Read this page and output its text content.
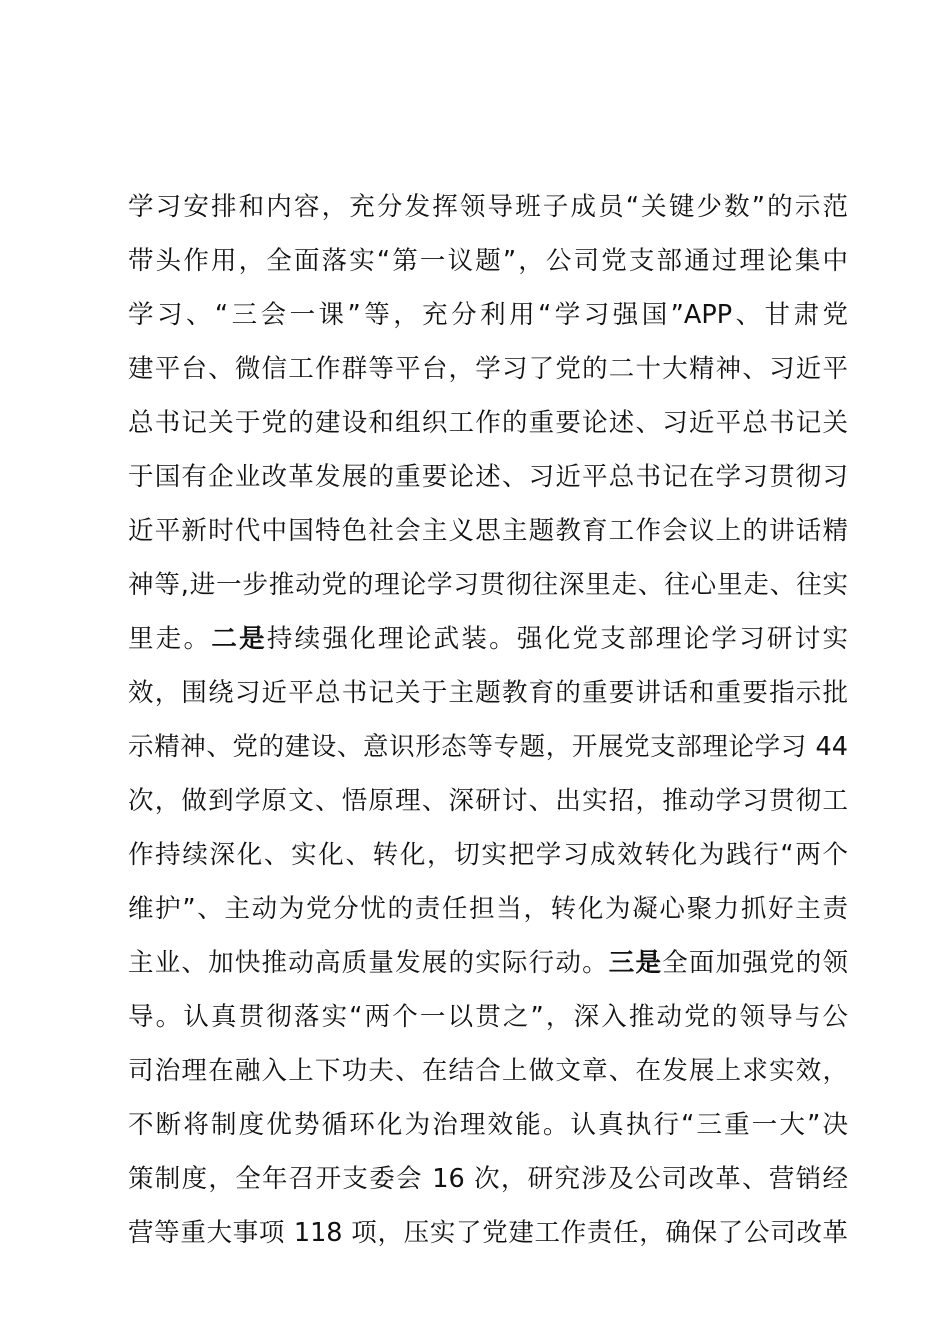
学习安排和内容，充分发挥领导班子成员“关键少数”的示范
带头作用，全面落实“第一议题”，公司党支部通过理论集中
学习、“三会一课”等，充分利用“学习强国”APP、甘肃党
建平台、微信工作群等平台，学习了党的二十大精神、习近平
总书记关于党的建设和组织工作的重要论述、习近平总书记关
于国有企业改革发展的重要论述、习近平总书记在学习贯彻习
近平新时代中国特色社会主义思主题教育工作会议上的讲话精
神等,进一步推动党的理论学习贯彻往深里走、往心里走、往实
里走。二是持续强化理论武装。强化党支部理论学习研讨实
效，围绕习近平总书记关于主题教育的重要讲话和重要指示批
示精神、党的建设、意识形态等专题，开展党支部理论学习 44
次，做到学原文、悟原理、深研讨、出实招，推动学习贯彻工
作持续深化、实化、转化，切实把学习成效转化为践行“两个
维护”、主动为党分忧的责任担当，转化为凝心聚力抓好主责
主业、加快推动高质量发展的实际行动。三是全面加强党的领
导。认真贯彻落实“两个一以贯之”，深入推动党的领导与公
司治理在融入上下功夫、在结合上做文章、在发展上求实效，
不断将制度优势循环化为治理效能。认真执行“三重一大”决
策制度，全年召开支委会 16 次，研究涉及公司改革、营销经
营等重大事项 118 项，压实了党建工作责任，确保了公司改革
